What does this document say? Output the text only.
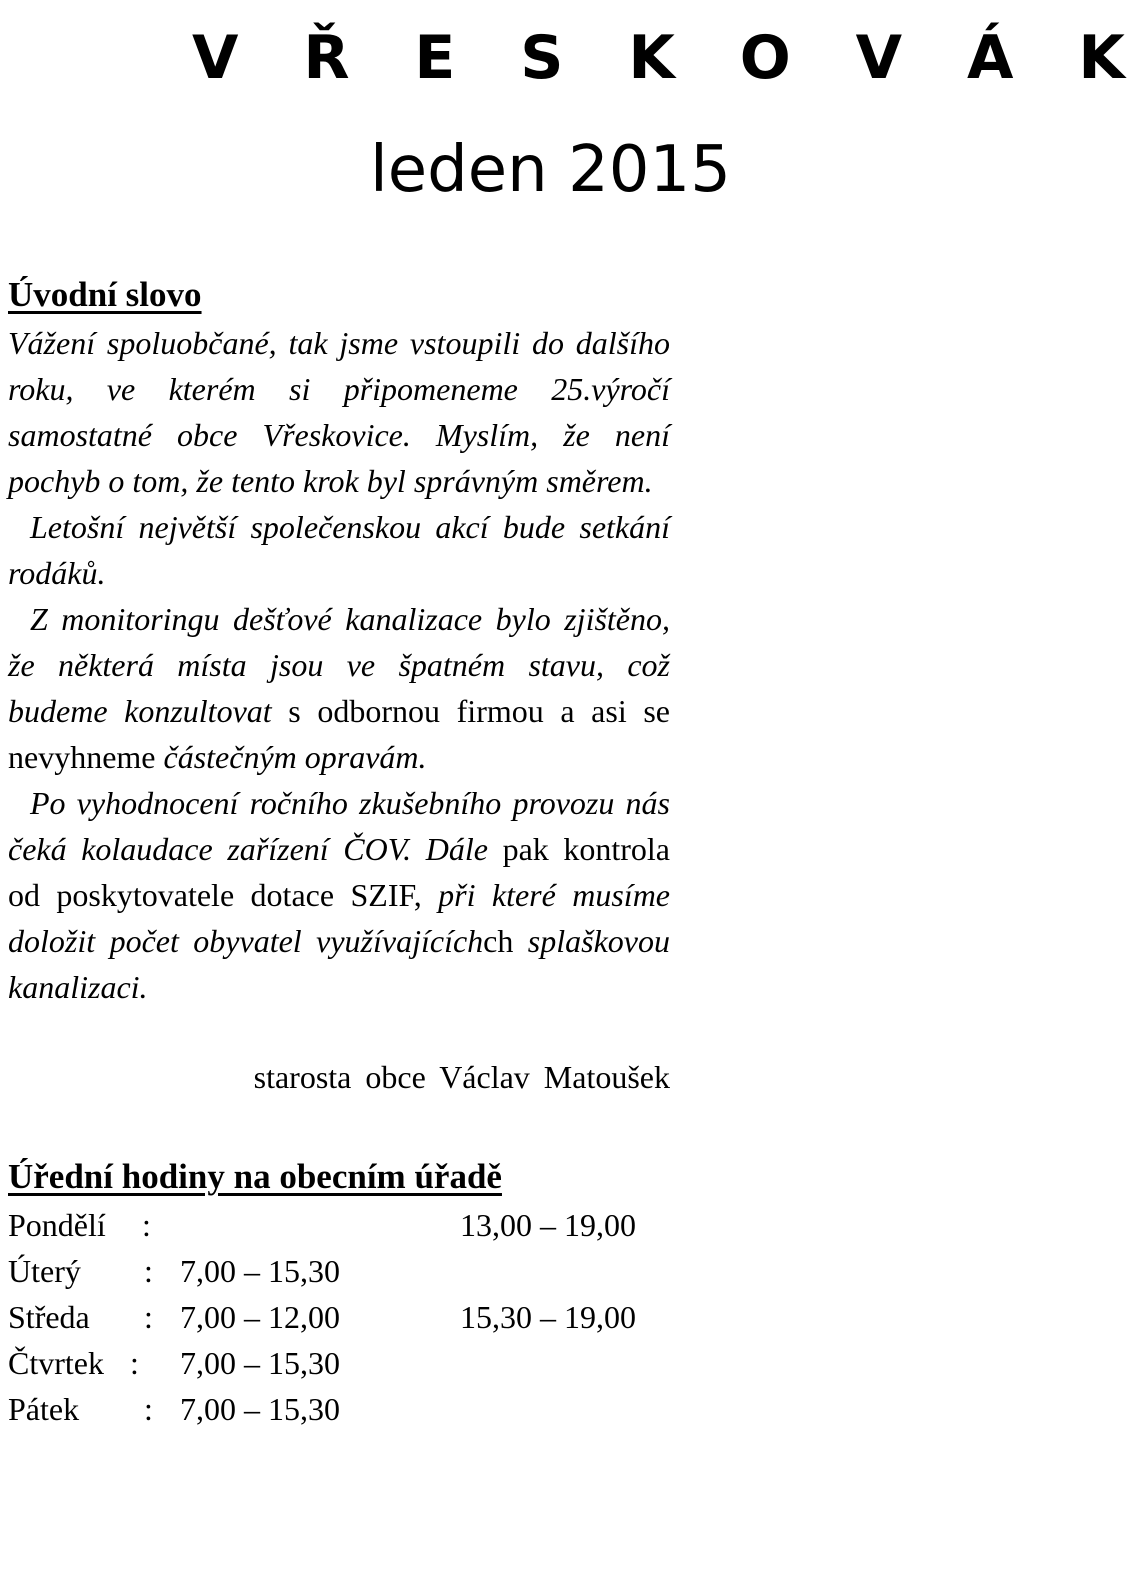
V Ř E S K O V Á K
leden 2015
Úvodní slovo

Vážení spoluobčané, tak jsme vstoupili do dalšího roku, ve kterém si připomeneme 25.výročí samostatné obce Vřeskovice. Myslím, že není pochyb o tom, že tento krok byl správným směrem.

Letošní největší společenskou akcí bude setkání rodáků.

Z monitoringu dešťové kanalizace bylo zjištěno, že některá místa jsou ve špatném stavu, což budeme konzultovat s odbornou firmou a asi se nevyhneme částečným opravám.

Po vyhodnocení ročního zkušebního provozu nás čeká kolaudace zařízení ČOV. Dále pak kontrola od poskytovatele dotace SZIF, při které musíme doložit počet obyvatel využívajícíchch splaškovou kanalizaci.

starosta obce Václav Matoušek
Úřední hodiny na obecním úřadě
Pondělí :	13,00 – 19,00
Úterý : 7,00 – 15,30
Středa : 7,00 – 12,00	15,30 – 19,00
Čtvrtek : 7,00 – 15,30
Pátek : 7,00 – 15,30
